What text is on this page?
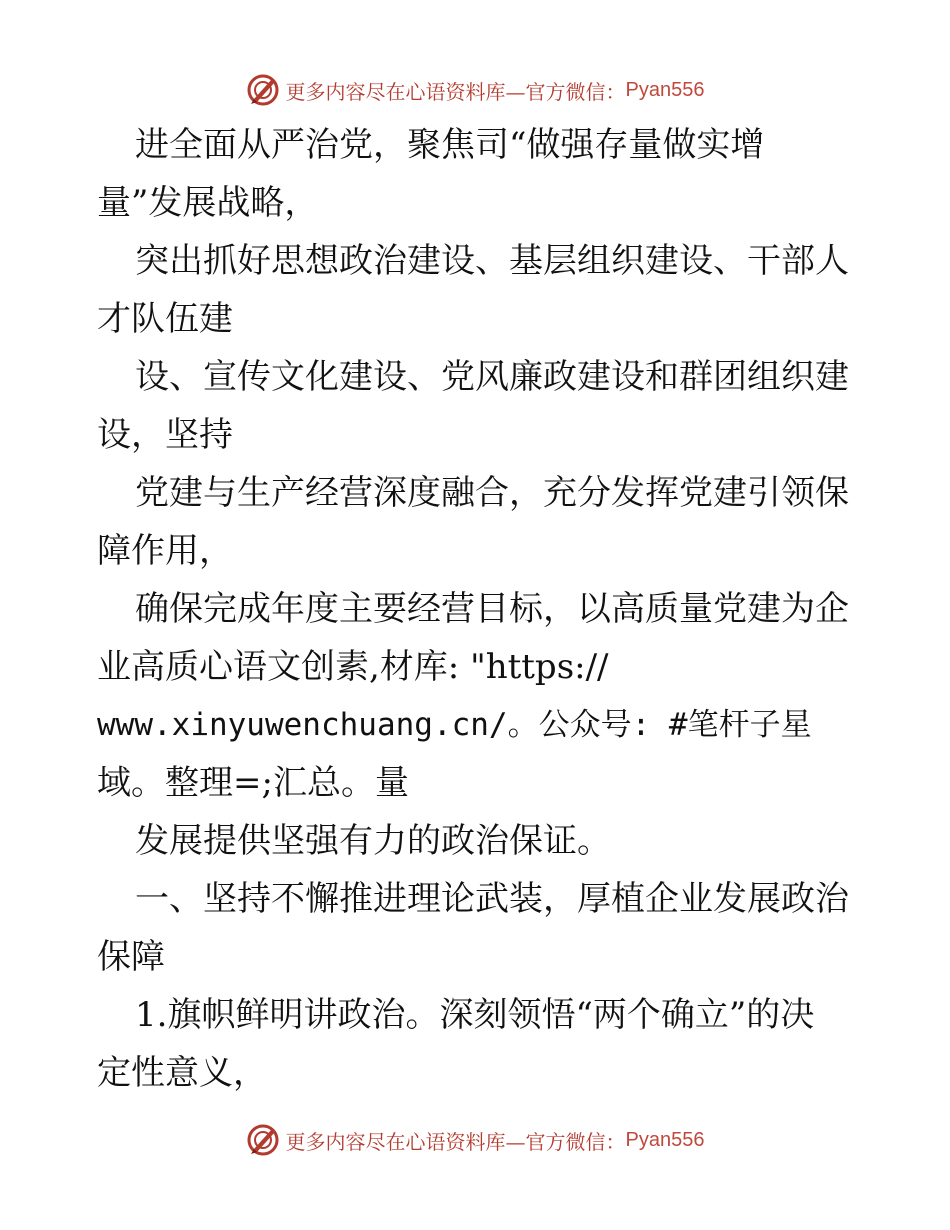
更多内容尽在心语资料库—官方微信： Pyan556
进全面从严治党，聚焦司“做强存量做实增
量”发展战略，
突出抓好思想政治建设、基层组织建设、干部人
才队伍建
设、宣传文化建设、党风廉政建设和群团组织建
设，坚持
党建与生产经营深度融合，充分发挥党建引领保
障作用，
确保完成年度主要经营目标，以高质量党建为企
业高质心语文创素,材库: "https://
www.xinyuwenchuang.cn/。公众号: #笔杆子星
域。整理=;汇总。量
发展提供坚强有力的政治保证。
一、坚持不懈推进理论武装，厚植企业发展政治
保障
1.旗帜鲜明讲政治。深刻领悟“两个确立”的决
定性意义，
更多内容尽在心语资料库—官方微信： Pyan556
